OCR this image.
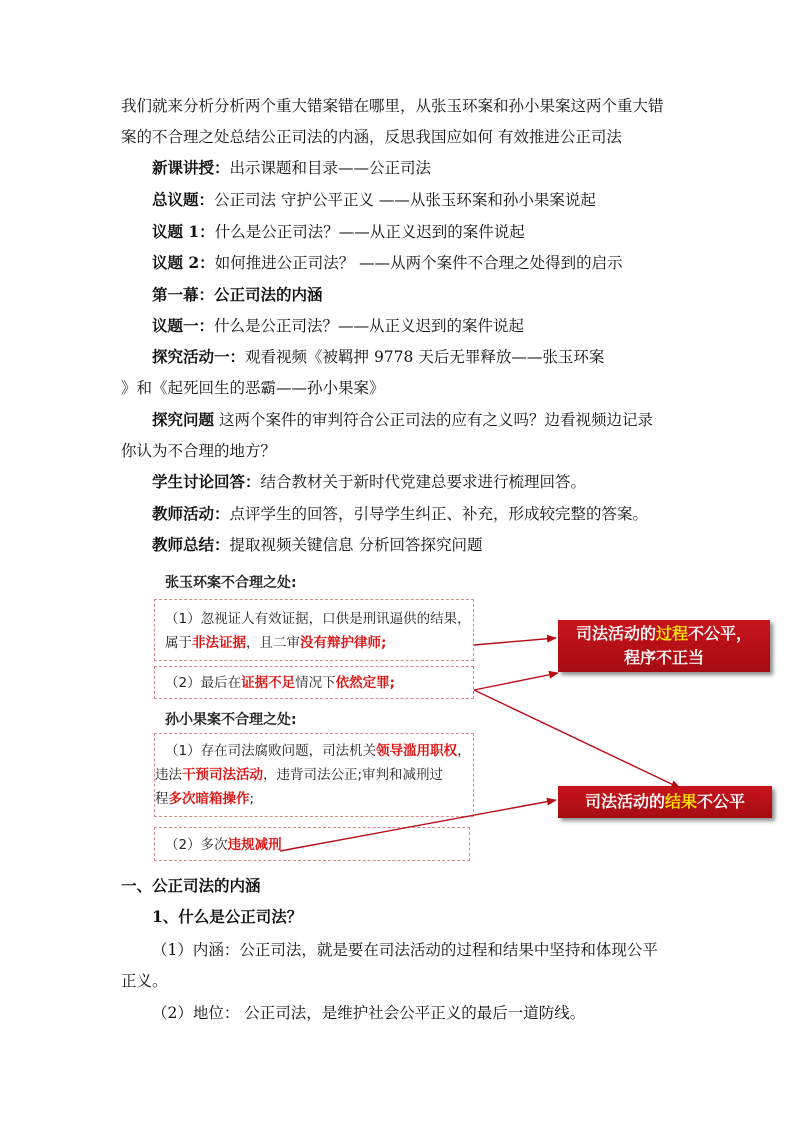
我们就来分析分析两个重大错案错在哪里，从张玉环案和孙小果案这两个重大错
案的不合理之处总结公正司法的内涵，反思我国应如何 有效推进公正司法
新课讲授：出示课题和目录——公正司法
总议题：公正司法 守护公平正义 ——从张玉环案和孙小果案说起
议题 1：什么是公正司法？——从正义迟到的案件说起
议题 2：如何推进公正司法？ ——从两个案件不合理之处得到的启示
第一幕：公正司法的内涵
议题一：什么是公正司法？——从正义迟到的案件说起
探究活动一：观看视频《被羁押 9778 天后无罪释放——张玉环案
》和《起死回生的恶霸——孙小果案》
探究问题 这两个案件的审判符合公正司法的应有之义吗？边看视频边记录
你认为不合理的地方？
学生讨论回答：结合教材关于新时代党建总要求进行梳理回答。
教师活动：点评学生的回答，引导学生纠正、补充，形成较完整的答案。
教师总结：提取视频关键信息 分析回答探究问题
张玉环案不合理之处:
（1）忽视证人有效证据，口供是刑讯逼供的结果，
属于非法证据，且二审没有辩护律师;
（2）最后在证据不足情况下依然定罪;
孙小果案不合理之处:
（1）存在司法腐败问题，司法机关领导滥用职权，
违法干预司法活动，违背司法公正;审判和减刑过
程多次暗箱操作;
（2）多次违规减刑
司法活动的过程不公平，
程序不正当
司法活动的结果不公平
一、公正司法的内涵
1、什么是公正司法？
（1）内涵：公正司法，就是要在司法活动的过程和结果中坚持和体现公平
正义。
（2）地位： 公正司法，是维护社会公平正义的最后一道防线。
